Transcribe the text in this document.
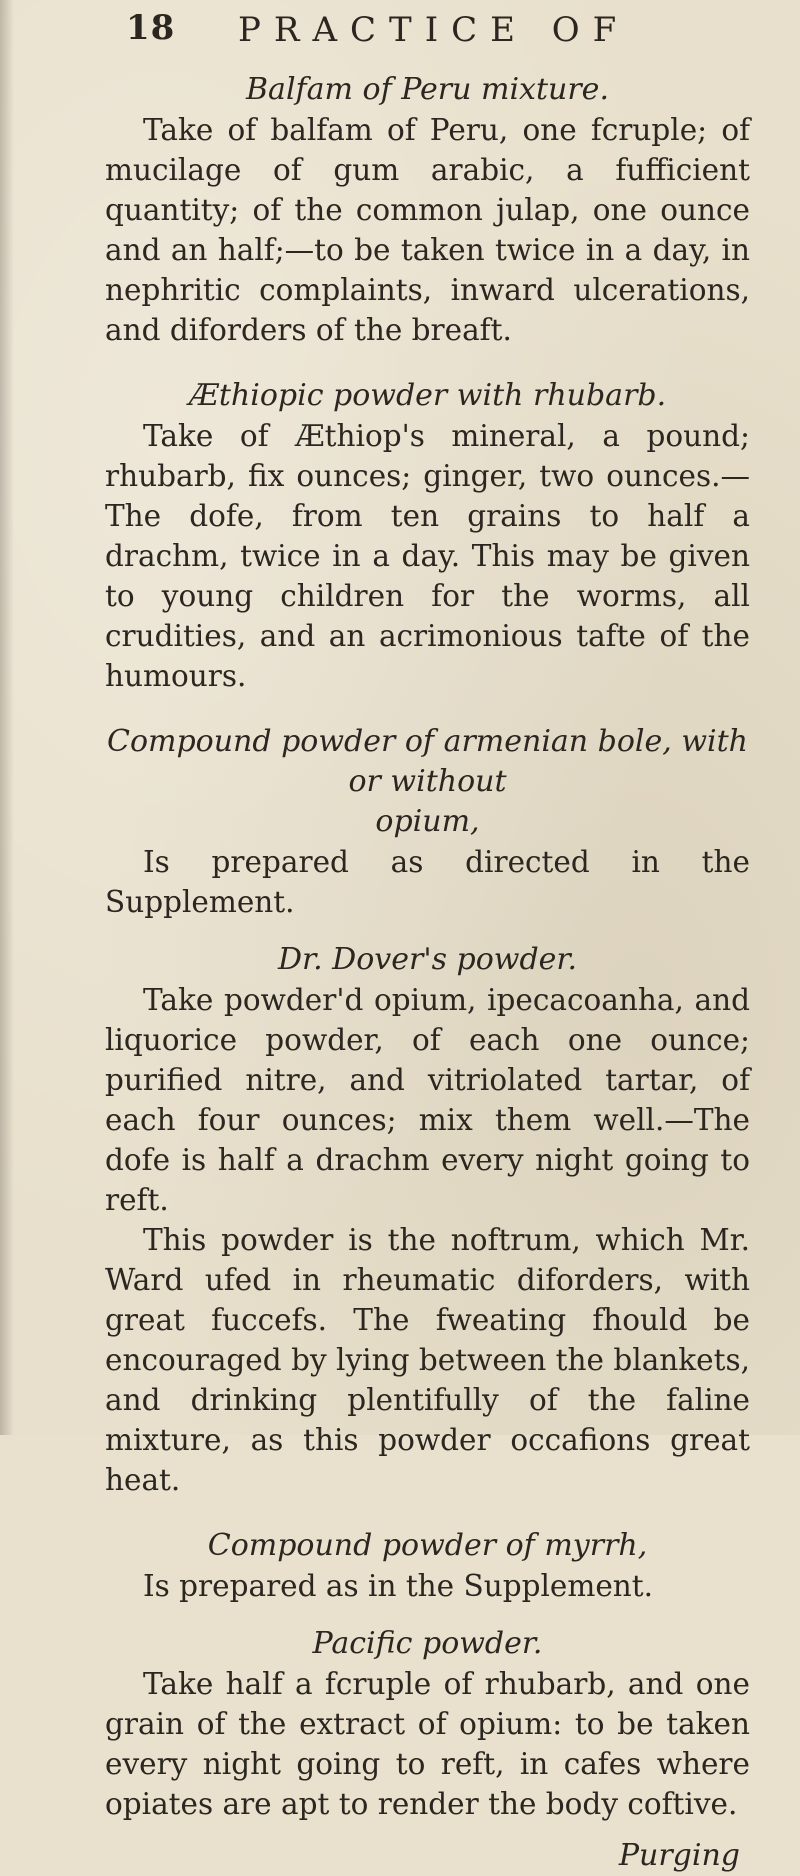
18 PRACTICE OF

Balfam of Peru mixture.

Take of balfam of Peru, one fcruple; of mucilage of gum arabic, a fufficient quantity; of the common julap, one ounce and an half;—to be taken twice in a day, in nephritic complaints, inward ulcerations, and diforders of the breaft.

Æthiopic powder with rhubarb.

Take of Æthiop's mineral, a pound; rhubarb, fix ounces; ginger, two ounces.—The dofe, from ten grains to half a drachm, twice in a day. This may be given to young children for the worms, all crudities, and an acrimonious tafte of the humours.

Compound powder of armenian bole, with or without

opium,

Is prepared as directed in the Supplement.

Dr. Dover's powder.

Take powder'd opium, ipecacoanha, and liquorice powder, of each one ounce; purified nitre, and vitriolated tartar, of each four ounces; mix them well.—The dofe is half a drachm every night going to reft.

This powder is the noftrum, which Mr. Ward ufed in rheumatic diforders, with great fuccefs. The fweating fhould be encouraged by lying between the blankets, and drinking plentifully of the faline mixture, as this powder occafions great heat.

Compound powder of myrrh,

Is prepared as in the Supplement.

Pacific powder.

Take half a fcruple of rhubarb, and one grain of the extract of opium: to be taken every night going to reft, in cafes where opiates are apt to render the body coftive.

Purging
